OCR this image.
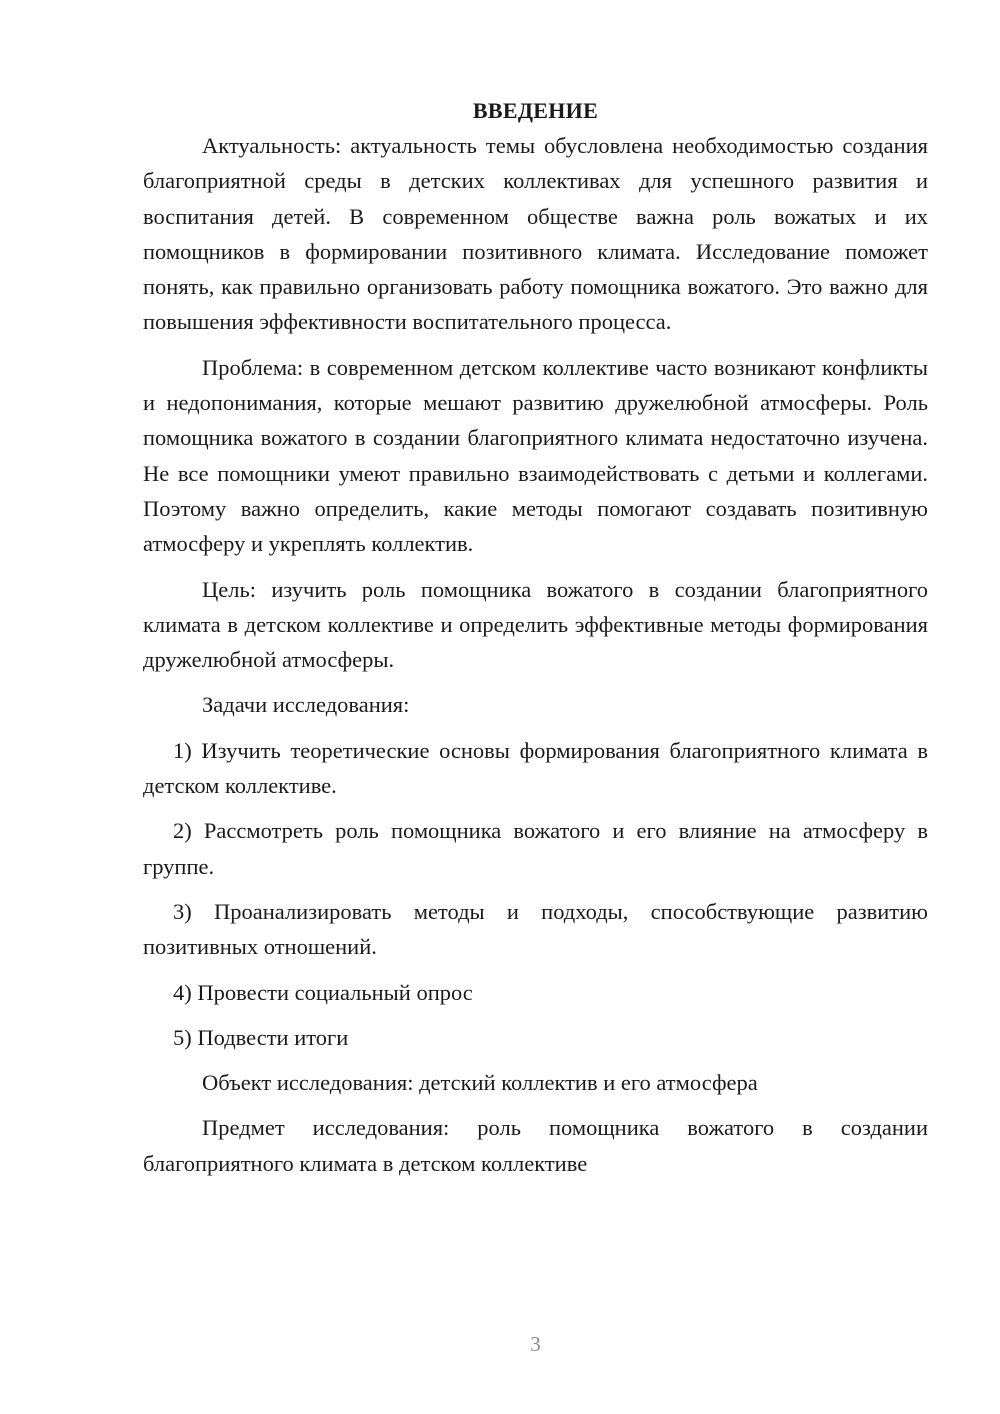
ВВЕДЕНИЕ

Актуальность: актуальность темы обусловлена необходимостью создания благоприятной среды в детских коллективах для успешного развития и воспитания детей. В современном обществе важна роль вожатых и их помощников в формировании позитивного климата. Исследование поможет понять, как правильно организовать работу помощника вожатого. Это важно для повышения эффективности воспитательного процесса.

Проблема: в современном детском коллективе часто возникают конфликты и недопонимания, которые мешают развитию дружелюбной атмосферы. Роль помощника вожатого в создании благоприятного климата недостаточно изучена. Не все помощники умеют правильно взаимодействовать с детьми и коллегами. Поэтому важно определить, какие методы помогают создавать позитивную атмосферу и укреплять коллектив.

Цель: изучить роль помощника вожатого в создании благоприятного климата в детском коллективе и определить эффективные методы формирования дружелюбной атмосферы.

Задачи исследования:

1) Изучить теоретические основы формирования благоприятного климата в детском коллективе.

2) Рассмотреть роль помощника вожатого и его влияние на атмосферу в группе.

3) Проанализировать методы и подходы, способствующие развитию позитивных отношений.

4) Провести социальный опрос

5) Подвести итоги

Объект исследования: детский коллектив и его атмосфера

Предмет исследования: роль помощника вожатого в создании благоприятного климата в детском коллективе

3
